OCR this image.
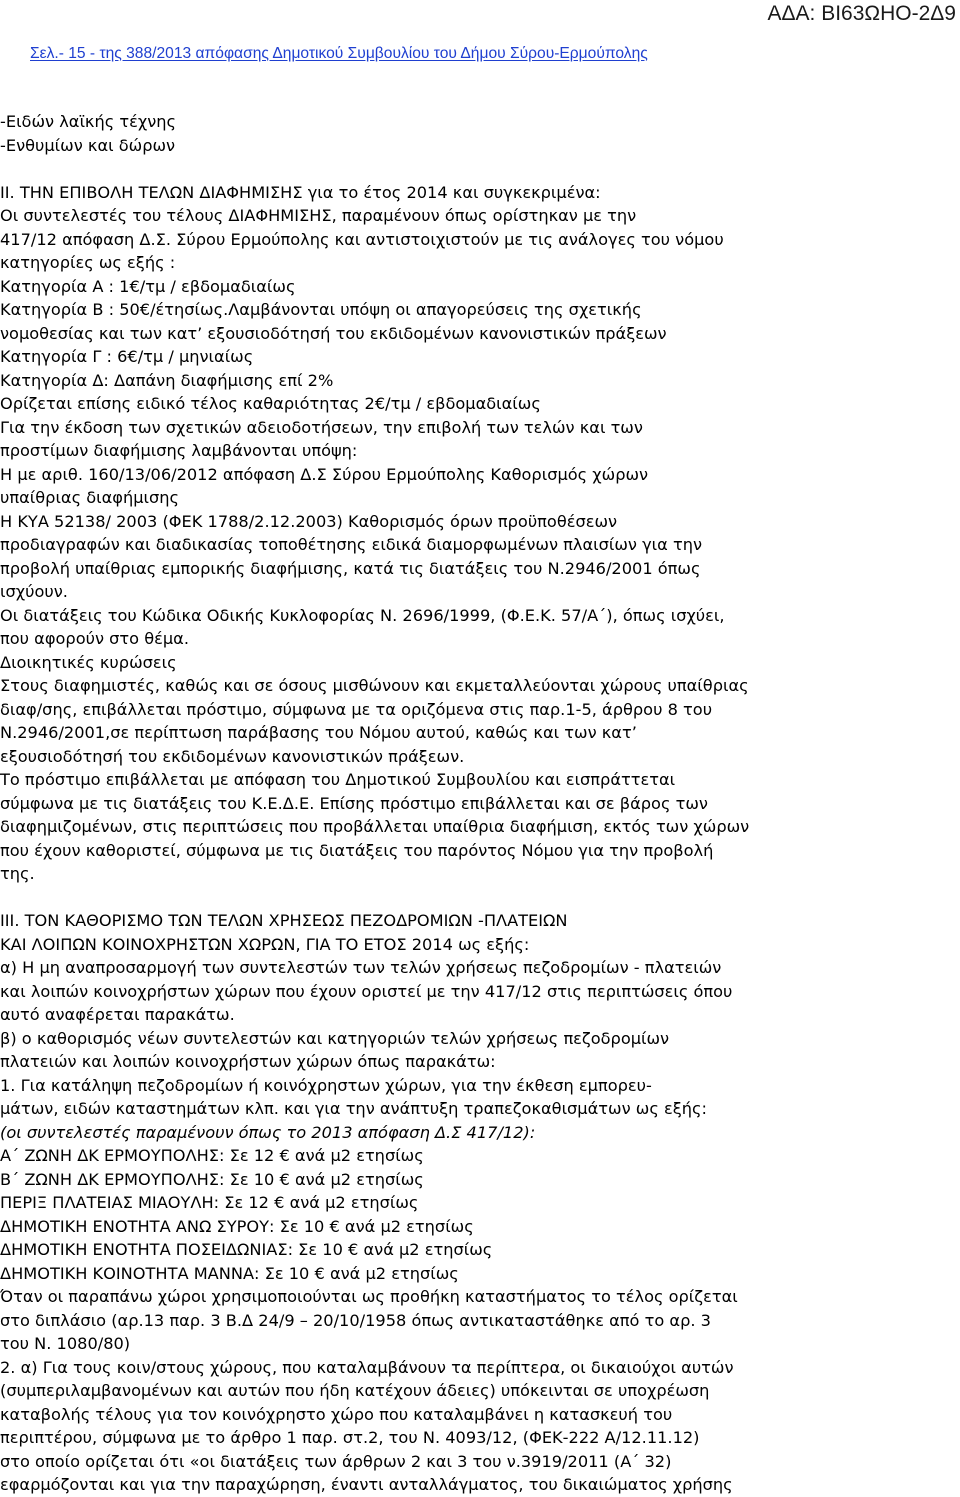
ΑΔΑ: ΒΙ63ΩΗΟ-2Δ9
Σελ.- 15 - της 388/2013 απόφασης Δημοτικού Συμβουλίου του Δήμου Σύρου-Ερμούπολης
-Ειδών λαϊκής τέχνης
-Ενθυμίων και δώρων
ΙΙ. ΤΗΝ ΕΠΙΒΟΛΗ ΤΕΛΩΝ ΔΙΑΦΗΜΙΣΗΣ για το έτος 2014 και συγκεκριμένα:
Οι συντελεστές του τέλους ΔΙΑΦΗΜΙΣΗΣ, παραμένουν όπως ορίστηκαν με την
417/12 απόφαση Δ.Σ. Σύρου Ερμούπολης και αντιστοιχιστούν με τις ανάλογες του νόμου
κατηγορίες ως εξής :
Κατηγορία Α : 1€/τμ / εβδομαδιαίως
Κατηγορία Β : 50€/έτησίως.Λαμβάνονται υπόψη οι απαγορεύσεις της σχετικής
νομοθεσίας και των κατ’ εξουσιοδότησή του εκδιδομένων κανονιστικών πράξεων
Κατηγορία Γ : 6€/τμ / μηνιαίως
Κατηγορία Δ: Δαπάνη διαφήμισης επί 2%
Ορίζεται επίσης ειδικό τέλος καθαριότητας 2€/τμ / εβδομαδιαίως
Για την έκδοση των σχετικών αδειοδοτήσεων, την επιβολή των τελών και των
προστίμων διαφήμισης λαμβάνονται υπόψη:
Η με αριθ. 160/13/06/2012 απόφαση Δ.Σ Σύρου Ερμούπολης Καθορισμός χώρων
υπαίθριας διαφήμισης
Η ΚΥΑ 52138/ 2003 (ΦΕΚ 1788/2.12.2003) Καθορισμός όρων προϋποθέσεων
προδιαγραφών και διαδικασίας τοποθέτησης ειδικά διαμορφωμένων πλαισίων για την
προβολή υπαίθριας εμπορικής διαφήμισης, κατά τις διατάξεις του Ν.2946/2001 όπως
ισχύουν.
Οι διατάξεις του Κώδικα Οδικής Κυκλοφορίας Ν. 2696/1999, (Φ.Ε.Κ. 57/Α΄), όπως ισχύει,
που αφορούν στο θέμα.
Διοικητικές κυρώσεις
Στους διαφημιστές, καθώς και σε όσους μισθώνουν και εκμεταλλεύονται χώρους υπαίθριας
διαφ/σης, επιβάλλεται πρόστιμο, σύμφωνα με τα οριζόμενα στις παρ.1-5, άρθρου 8 του
Ν.2946/2001,σε περίπτωση παράβασης του Νόμου αυτού, καθώς και των κατ’
εξουσιοδότησή του εκδιδομένων κανονιστικών πράξεων.
Το πρόστιμο επιβάλλεται με απόφαση του Δημοτικού Συμβουλίου και εισπράττεται
σύμφωνα με τις διατάξεις του Κ.Ε.Δ.Ε. Επίσης πρόστιμο επιβάλλεται και σε βάρος των
διαφημιζομένων, στις περιπτώσεις που προβάλλεται υπαίθρια διαφήμιση, εκτός των χώρων
που έχουν καθοριστεί, σύμφωνα με τις διατάξεις του παρόντος Νόμου για την προβολή
της.
ΙΙΙ. ΤΟΝ ΚΑΘΟΡΙΣΜΟ ΤΩΝ ΤΕΛΩΝ ΧΡΗΣΕΩΣ ΠΕΖΟΔΡΟΜΙΩΝ -ΠΛΑΤΕΙΩΝ
ΚΑΙ ΛΟΙΠΩΝ ΚΟΙΝΟΧΡΗΣΤΩΝ ΧΩΡΩΝ, ΓΙΑ ΤΟ ΕΤΟΣ 2014 ως εξής:
α) Η μη αναπροσαρμογή των συντελεστών των τελών χρήσεως πεζοδρομίων - πλατειών
και λοιπών κοινοχρήστων χώρων που έχουν οριστεί με την 417/12 στις περιπτώσεις όπου
αυτό αναφέρεται παρακάτω.
β) ο καθορισμός νέων συντελεστών και κατηγοριών τελών χρήσεως πεζοδρομίων
πλατειών και λοιπών κοινοχρήστων χώρων όπως παρακάτω:
1. Για κατάληψη πεζοδρομίων ή κοινόχρηστων χώρων, για την έκθεση εμπορευ-
μάτων, ειδών καταστημάτων κλπ. και για την ανάπτυξη τραπεζοκαθισμάτων ως εξής:
(οι συντελεστές παραμένουν όπως το 2013 απόφαση Δ.Σ 417/12):
Α΄ ΖΩΝΗ ΔΚ ΕΡΜΟΥΠΟΛΗΣ: Σε 12 € ανά μ2 ετησίως
Β΄ ΖΩΝΗ ΔΚ ΕΡΜΟΥΠΟΛΗΣ: Σε 10 € ανά μ2 ετησίως
ΠΕΡΙΞ ΠΛΑΤΕΙΑΣ ΜΙΑΟΥΛΗ: Σε 12 € ανά μ2 ετησίως
ΔΗΜΟΤΙΚΗ ΕΝΟΤΗΤΑ ΑΝΩ ΣΥΡΟΥ: Σε 10 € ανά μ2 ετησίως
ΔΗΜΟΤΙΚΗ ΕΝΟΤΗΤΑ ΠΟΣΕΙΔΩΝΙΑΣ: Σε 10 € ανά μ2 ετησίως
ΔΗΜΟΤΙΚΗ ΚΟΙΝΟΤΗΤΑ ΜΑΝΝΑ: Σε 10 € ανά μ2 ετησίως
Όταν οι παραπάνω χώροι χρησιμοποιούνται ως προθήκη καταστήματος το τέλος ορίζεται
στο διπλάσιο (αρ.13 παρ. 3 Β.Δ 24/9 – 20/10/1958 όπως αντικαταστάθηκε από το αρ. 3
του Ν. 1080/80)
2. α) Για τους κοιν/στους χώρους, που καταλαμβάνουν τα περίπτερα, οι δικαιούχοι αυτών
(συμπεριλαμβανομένων και αυτών που ήδη κατέχουν άδειες) υπόκεινται σε υποχρέωση
καταβολής τέλους για τον κοινόχρηστο χώρο που καταλαμβάνει η κατασκευή του
περιπτέρου, σύμφωνα με το άρθρο 1 παρ. στ.2, του Ν. 4093/12, (ΦΕΚ-222 Α/12.11.12)
στο οποίο ορίζεται ότι «οι διατάξεις των άρθρων 2 και 3 του ν.3919/2011 (Α΄ 32)
εφαρμόζονται και για την παραχώρηση, έναντι ανταλλάγματος, του δικαιώματος χρήσης
